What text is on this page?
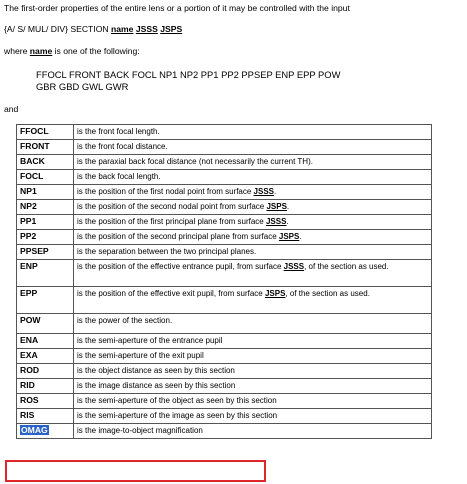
The first-order properties of the entire lens or a portion of it may be controlled with the input
{A/ S/ MUL/ DIV} SECTION name JSSS JSPS
where name is one of the following:
FFOCL FRONT BACK FOCL NP1 NP2 PP1 PP2 PPSEP ENP EPP POW
GBR GBD GWL GWR
and
FFOCL	is the front focal length.
FRONT	is the front focal distance.
BACK	is the paraxial back focal distance (not necessarily the current TH).
FOCL	is the back focal length.
NP1	is the position of the first nodal point from surface JSSS.
NP2	is the position of the second nodal point from surface JSPS.
PP1	is the position of the first principal plane from surface JSSS.
PP2	is the position of the second principal plane from surface JSPS.
PPSEP	is the separation between the two principal planes.
ENP	is the position of the effective entrance pupil, from surface JSSS, of the section as used.
EPP	is the position of the effective exit pupil, from surface JSPS, of the section as used.
POW	is the power of the section.
ENA	is the semi-aperture of the entrance pupil
EXA	is the semi-aperture of the exit pupil
ROD	is the object distance as seen by this section
RID	is the image distance as seen by this section
ROS	is the semi-aperture of the object as seen by this section
RIS	is the semi-aperture of the image as seen by this section
OMAG	is the image-to-object magnification
